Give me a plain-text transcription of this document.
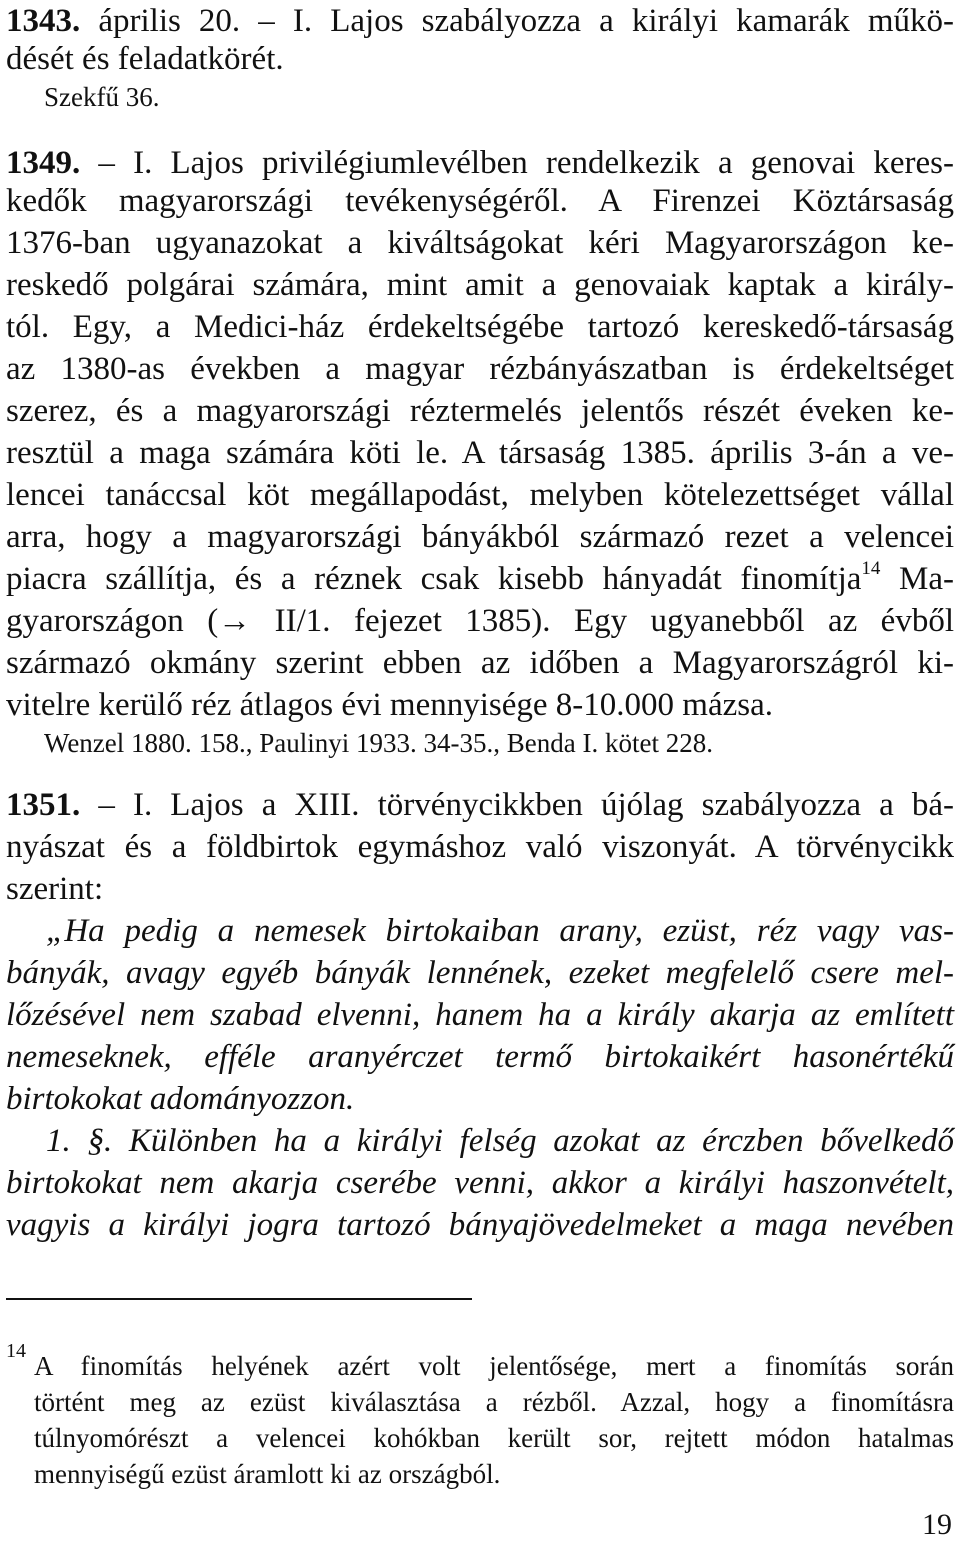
1343. április 20. – I. Lajos szabályozza a királyi kamarák műkö-
dését és feladatkörét.
Szekfű 36.
1349. – I. Lajos privilégiumlevélben rendelkezik a genovai keres-
kedők magyarországi tevékenységéről. A Firenzei Köztársaság
1376-ban ugyanazokat a kiváltságokat kéri Magyarországon ke-
reskedő polgárai számára, mint amit a genovaiak kaptak a király-
tól. Egy, a Medici-ház érdekeltségébe tartozó kereskedő-társaság
az 1380-as években a magyar rézbányászatban is érdekeltséget
szerez, és a magyarországi réztermelés jelentős részét éveken ke-
resztül a maga számára köti le. A társaság 1385. április 3-án a ve-
lencei tanáccsal köt megállapodást, melyben kötelezettséget vállal
arra, hogy a magyarországi bányákból származó rezet a velencei
piacra szállítja, és a réznek csak kisebb hányadát finomítja$^{14}$ Ma-
gyarországon (→ II/1. fejezet 1385). Egy ugyanebből az évből
származó okmány szerint ebben az időben a Magyarországról ki-
vitelre kerülő réz átlagos évi mennyisége 8-10.000 mázsa.
Wenzel 1880. 158., Paulinyi 1933. 34-35., Benda I. kötet 228.
1351. – I. Lajos a XIII. törvénycikkben újólag szabályozza a bá-
nyászat és a földbirtok egymáshoz való viszonyát. A törvénycikk
szerint:
„Ha pedig a nemesek birtokaiban arany, ezüst, réz vagy vas-
bányák, avagy egyéb bányák lennének, ezeket megfelelő csere mel-
lőzésével nem szabad elvenni, hanem ha a király akarja az említett
nemeseknek, efféle aranyérczet termő birtokaikért hasonértékű
birtokokat adományozzon.
1. §. Különben ha a királyi felség azokat az érczben bővelkedő
birtokokat nem akarja cserébe venni, akkor a királyi haszonvételt,
vagyis a királyi jogra tartozó bányajövedelmeket a maga nevében
14 A finomítás helyének azért volt jelentősége, mert a finomítás során
történt meg az ezüst kiválasztása a rézből. Azzal, hogy a finomításra
túlnyomórészt a velencei kohókban került sor, rejtett módon hatalmas
mennyiségű ezüst áramlott ki az országból.
19
